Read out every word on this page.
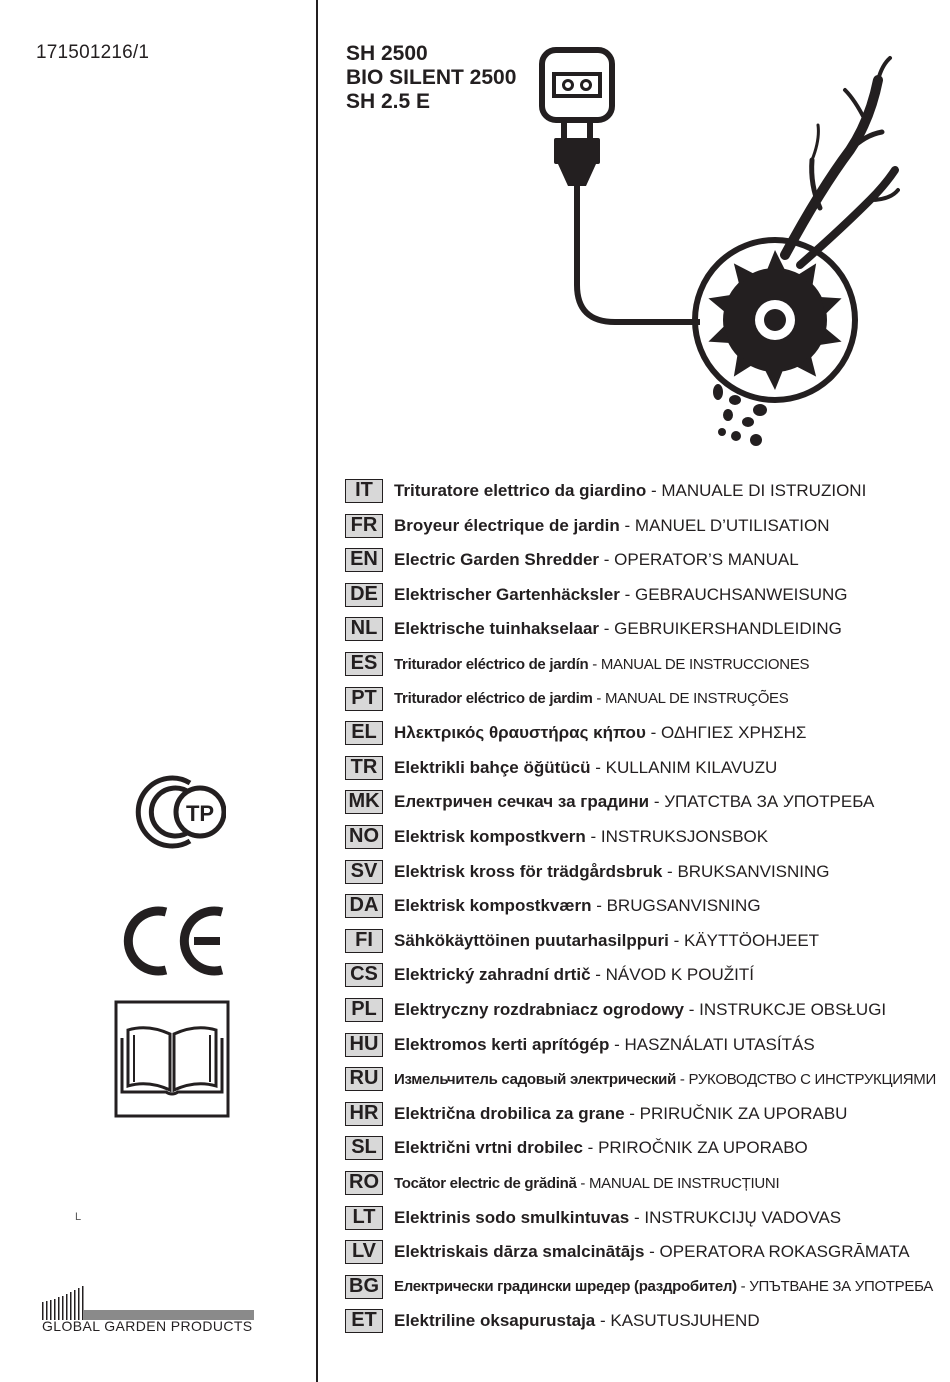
171501216/1	SH 2500
BIO SILENT 2500
SH 2.5 E
IT	Trituratore elettrico da giardino - MANUALE DI ISTRUZIONI
FR Broyeur électrique de jardin - MANUEL D’UTILISATION
EN Electric Garden Shredder - OPERATOR’S MANUAL
DE Elektrischer Gartenhäcksler - GEBRAUCHSANWEISUNG
NL Elektrische tuinhakselaar - GEBRUIKERSHANDLEIDING
ES	Triturador eléctrico de jardín - MANUAL DE INSTRUCCIONES
PT	Triturador eléctrico de jardim - MANUAL DE INSTRUÇÕES
EL	Ηλεκτρικός θραυστήρας κήπου - ΟΔΗΓΙΕΣ ΧΡΗΣΗΣ
TR Elektrikli bahçe öğütücü - KULLANIM KILAVUZU
MK Електричен сечкач за градини - УПАТСТВА ЗА УПОТРЕБА
NO Elektrisk kompostkvern - INSTRUKSJONSBOK
SV Elektrisk kross för trädgårdsbruk - BRUKSANVISNING
DA Elektrisk kompostkværn - BRUGSANVISNING
FI	Sähkökäyttöinen puutarhasilppuri - KÄYTTÖOHJEET
CS Elektrický zahradní drtič - NÁVOD K POUŽITÍ
PL	Elektryczny rozdrabniacz ogrodowy - INSTRUKCJE OBSŁUGI
HU Elektromos kerti aprítógép - HASZNÁLATI UTASÍTÁS
RU	Измельчитель садовый электрический - РУКОВОДСТВО С ИНСТРУКЦИЯМИ
HR Električna drobilica za grane - PRIRUČNIK ZA UPORABU
SL	Električni vrtni drobilec - PRIROČNIK ZA UPORABO
RO Tocător electric de grădină - MANUAL DE INSTRUCȚIUNI
LT	Elektrinis sodo smulkintuvas - INSTRUKCIJŲ VADOVAS
LV	Elektriskais dārza smalcinātājs - OPERATORA ROKASGRĀMATA
BG Електрически градински шредер (раздробител) - УПЪТВАНЕ ЗА УПОТРЕБА
ET	Elektriline oksapurustaja - KASUTUSJUHEND
ТР
L
GLOBAL GARDEN PRODUCTS
